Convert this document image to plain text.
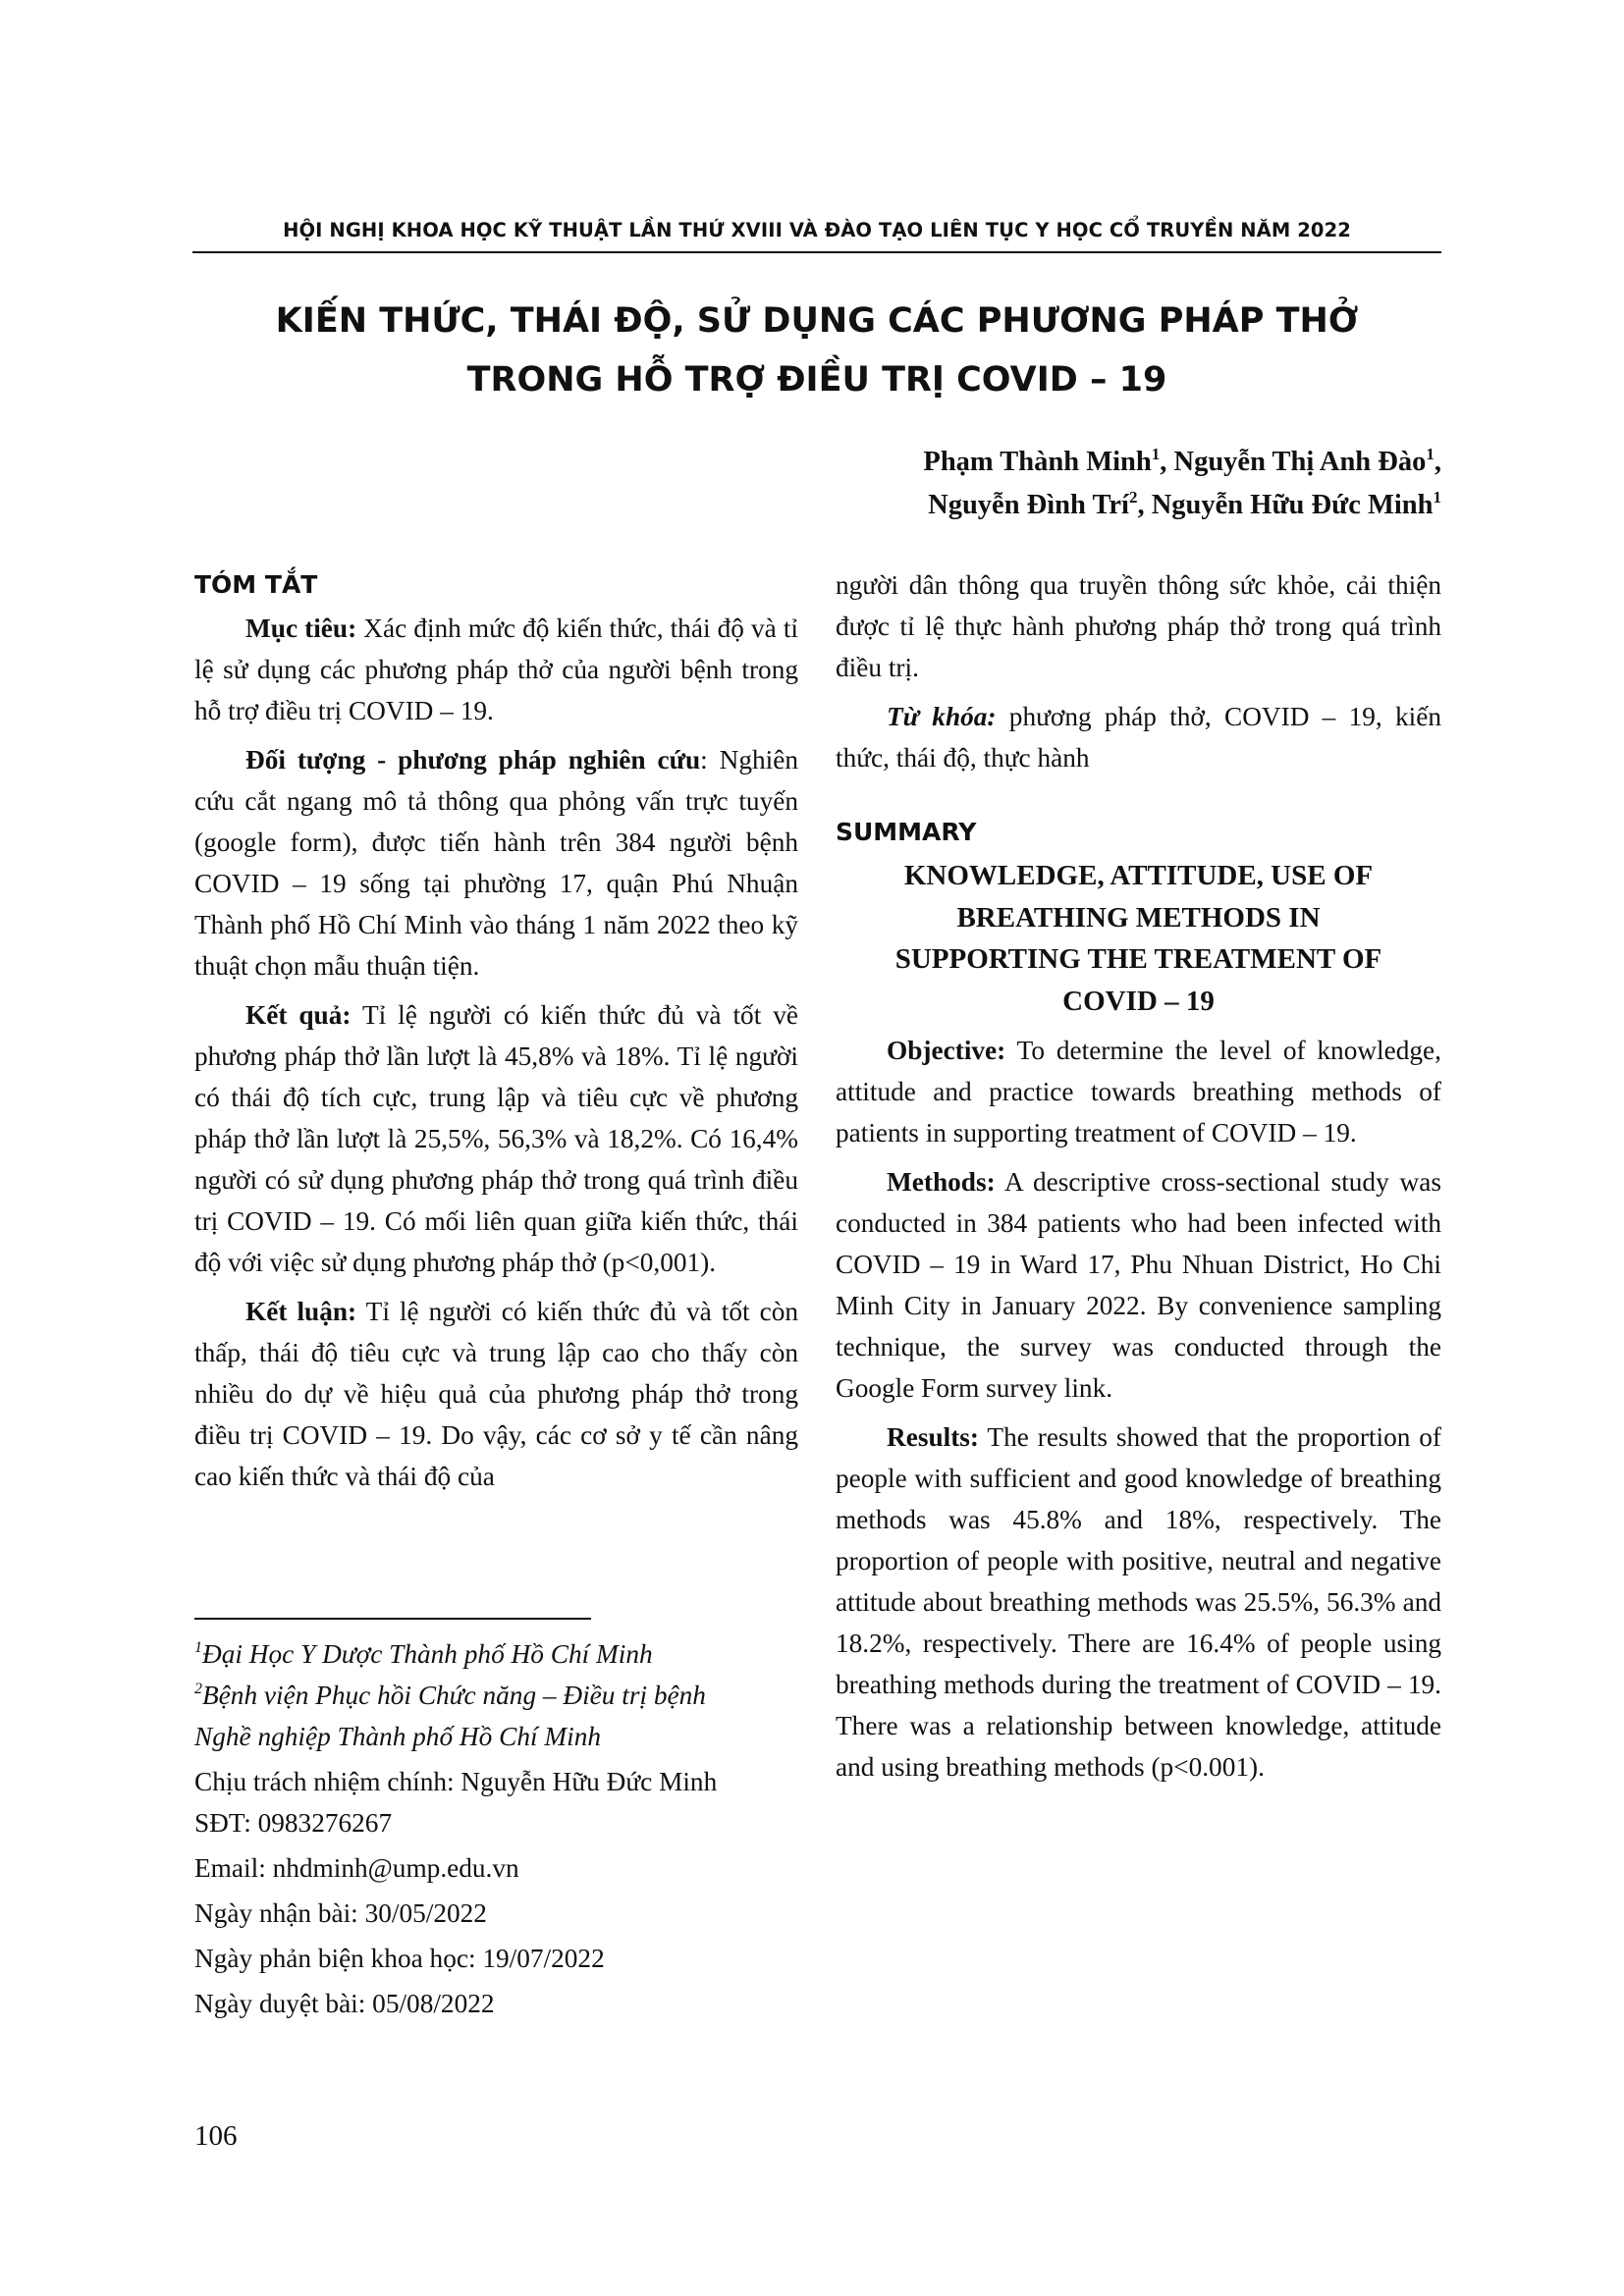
HỘI NGHỊ KHOA HỌC KỸ THUẬT LẦN THỨ XVIII VÀ ĐÀO TẠO LIÊN TỤC Y HỌC CỔ TRUYỀN NĂM 2022
KIẾN THỨC, THÁI ĐỘ, SỬ DỤNG CÁC PHƯƠNG PHÁP THỞ
TRONG HỖ TRỢ ĐIỀU TRỊ COVID – 19
Phạm Thành Minh$^1$, Nguyễn Thị Anh Đào$^1$,
Nguyễn Đình Trí$^2$, Nguyễn Hữu Đức Minh$^1$
TÓM TẮT

Mục tiêu: Xác định mức độ kiến thức, thái độ và tỉ lệ sử dụng các phương pháp thở của người bệnh trong hỗ trợ điều trị COVID – 19.

Đối tượng - phương pháp nghiên cứu: Nghiên cứu cắt ngang mô tả thông qua phỏng vấn trực tuyến (google form), được tiến hành trên 384 người bệnh COVID – 19 sống tại phường 17, quận Phú Nhuận Thành phố Hồ Chí Minh vào tháng 1 năm 2022 theo kỹ thuật chọn mẫu thuận tiện.

Kết quả: Tỉ lệ người có kiến thức đủ và tốt về phương pháp thở lần lượt là 45,8% và 18%. Tỉ lệ người có thái độ tích cực, trung lập và tiêu cực về phương pháp thở lần lượt là 25,5%, 56,3% và 18,2%. Có 16,4% người có sử dụng phương pháp thở trong quá trình điều trị COVID – 19. Có mối liên quan giữa kiến thức, thái độ với việc sử dụng phương pháp thở (p<0,001).

Kết luận: Tỉ lệ người có kiến thức đủ và tốt còn thấp, thái độ tiêu cực và trung lập cao cho thấy còn nhiều do dự về hiệu quả của phương pháp thở trong điều trị COVID – 19. Do vậy, các cơ sở y tế cần nâng cao kiến thức và thái độ của

$^1$Đại Học Y Dược Thành phố Hồ Chí Minh
$^2$Bệnh viện Phục hồi Chức năng – Điều trị bệnh
Nghề nghiệp Thành phố Hồ Chí Minh
Chịu trách nhiệm chính: Nguyễn Hữu Đức Minh
SĐT: 0983276267
Email: nhdminh@ump.edu.vn
Ngày nhận bài: 30/05/2022
Ngày phản biện khoa học: 19/07/2022
Ngày duyệt bài: 05/08/2022

người dân thông qua truyền thông sức khỏe, cải thiện được tỉ lệ thực hành phương pháp thở trong quá trình điều trị.

Từ khóa: phương pháp thở, COVID – 19, kiến thức, thái độ, thực hành

SUMMARY
KNOWLEDGE, ATTITUDE, USE OF
BREATHING METHODS IN
SUPPORTING THE TREATMENT OF
COVID – 19

Objective: To determine the level of knowledge, attitude and practice towards breathing methods of patients in supporting treatment of COVID – 19.

Methods: A descriptive cross-sectional study was conducted in 384 patients who had been infected with COVID – 19 in Ward 17, Phu Nhuan District, Ho Chi Minh City in January 2022. By convenience sampling technique, the survey was conducted through the Google Form survey link.

Results: The results showed that the proportion of people with sufficient and good knowledge of breathing methods was 45.8% and 18%, respectively. The proportion of people with positive, neutral and negative attitude about breathing methods was 25.5%, 56.3% and 18.2%, respectively. There are 16.4% of people using breathing methods during the treatment of COVID – 19. There was a relationship between knowledge, attitude and using breathing methods (p<0.001).

106
